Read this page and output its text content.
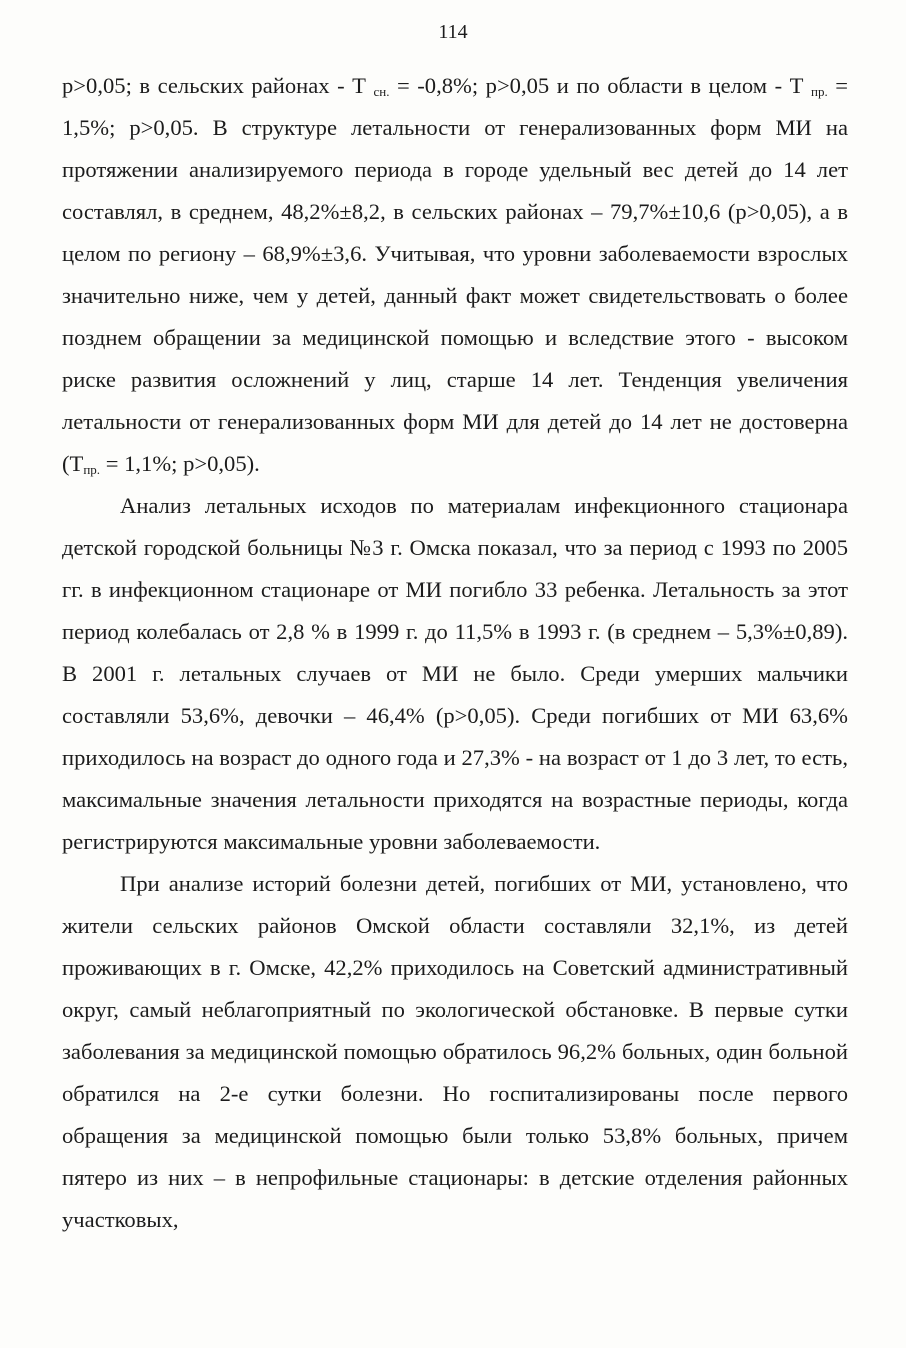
114

р>0,05; в сельских районах - Т $_{сн.}$ = -0,8%; р>0,05 и по области в целом - Т $_{пр.}$ = 1,5%; р>0,05. В структуре летальности от генерализованных форм МИ на протяжении анализируемого периода в городе удельный вес детей до 14 лет составлял, в среднем, 48,2%±8,2, в сельских районах – 79,7%±10,6 (р>0,05), а в целом по региону – 68,9%±3,6. Учитывая, что уровни заболеваемости взрослых значительно ниже, чем у детей, данный факт может свидетельствовать о более позднем обращении за медицинской помощью и вследствие этого - высоком риске развития осложнений у лиц, старше 14 лет. Тенденция увеличения летальности от генерализованных форм МИ для детей до 14 лет не достоверна ($Т_{пр.} = 1,1\%$; р>0,05).

Анализ летальных исходов по материалам инфекционного стационара детской городской больницы №3 г. Омска показал, что за период с 1993 по 2005 гг. в инфекционном стационаре от МИ погибло 33 ребенка. Летальность за этот период колебалась от 2,8 % в 1999 г. до 11,5% в 1993 г. (в среднем – 5,3%±0,89). В 2001 г. летальных случаев от МИ не было. Среди умерших мальчики составляли 53,6%, девочки – 46,4% (р>0,05). Среди погибших от МИ 63,6% приходилось на возраст до одного года и 27,3% - на возраст от 1 до 3 лет, то есть, максимальные значения летальности приходятся на возрастные периоды, когда регистрируются максимальные уровни заболеваемости.

При анализе историй болезни детей, погибших от МИ, установлено, что жители сельских районов Омской области составляли 32,1%, из детей проживающих в г. Омске, 42,2% приходилось на Советский административный округ, самый неблагоприятный по экологической обстановке. В первые сутки заболевания за медицинской помощью обратилось 96,2% больных, один больной обратился на 2-е сутки болезни. Но госпитализированы после первого обращения за медицинской помощью были только 53,8% больных, причем пятеро из них – в непрофильные стационары: в детские отделения районных участковых,
